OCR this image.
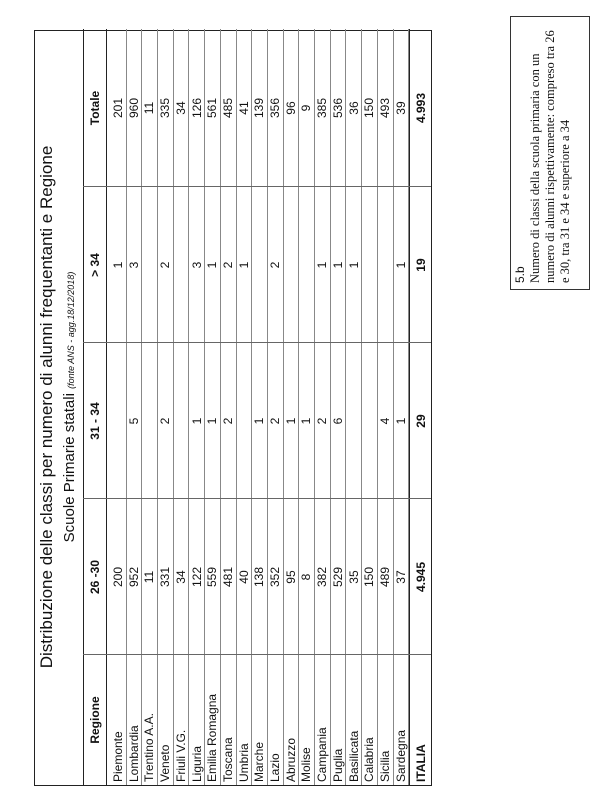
Distribuzione delle classi per numero di alunni frequentanti e Regione Scuole Primarie statali (fonte ANS - agg.18/12/2018)
Regione
26 -30
31 - 34
> 34
Totale
Piemonte
200
1
201
Lombardia
952
5
3
960
Trentino A.A.
11
11
Veneto
331
2
2
335
Friuli V.G.
34
34
Liguria
122
1
3
126
Emilia Romagna
559
1
1
561
Toscana
481
2
2
485
Umbria
40
1
41
Marche
138
1
139
Lazio
352
2
2
356
Abruzzo
95
1
96
Molise
8
1
9
Campania
382
2
1
385
Puglia
529
6
1
536
Basilicata
35
1
36
Calabria
150
150
Sicilia
489
4
493
Sardegna
37
1
1
39
ITALIA
4.945
29
19
4.993
5.b Numero di classi della scuola primaria con un numero di alunni rispettivamente: compreso tra 26 e 30, tra 31 e 34 e superiore a 34
